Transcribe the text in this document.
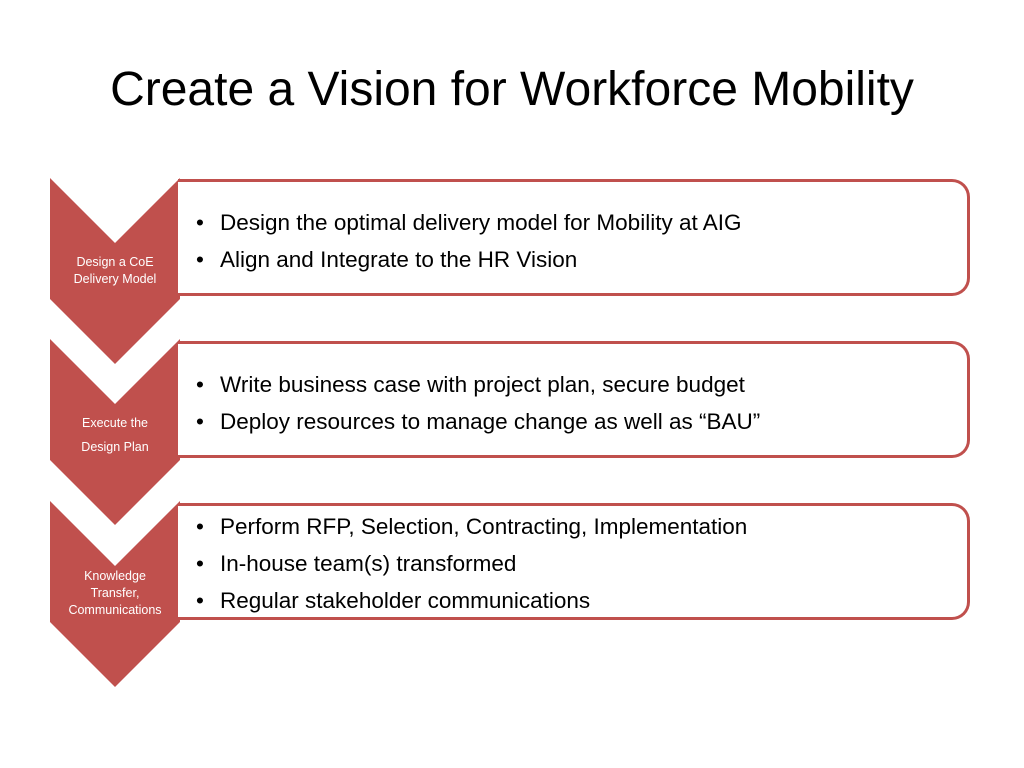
Create a Vision for Workforce Mobility
Design a CoE
Delivery Model
• Design the optimal delivery model for Mobility at AIG
• Align and Integrate to the HR Vision
Execute the
Design Plan
• Write business case with project plan, secure budget
• Deploy resources to manage change as well as “BAU”
Knowledge
Transfer,
Communications
• Perform RFP, Selection, Contracting, Implementation
• In-house team(s) transformed
• Regular stakeholder communications
